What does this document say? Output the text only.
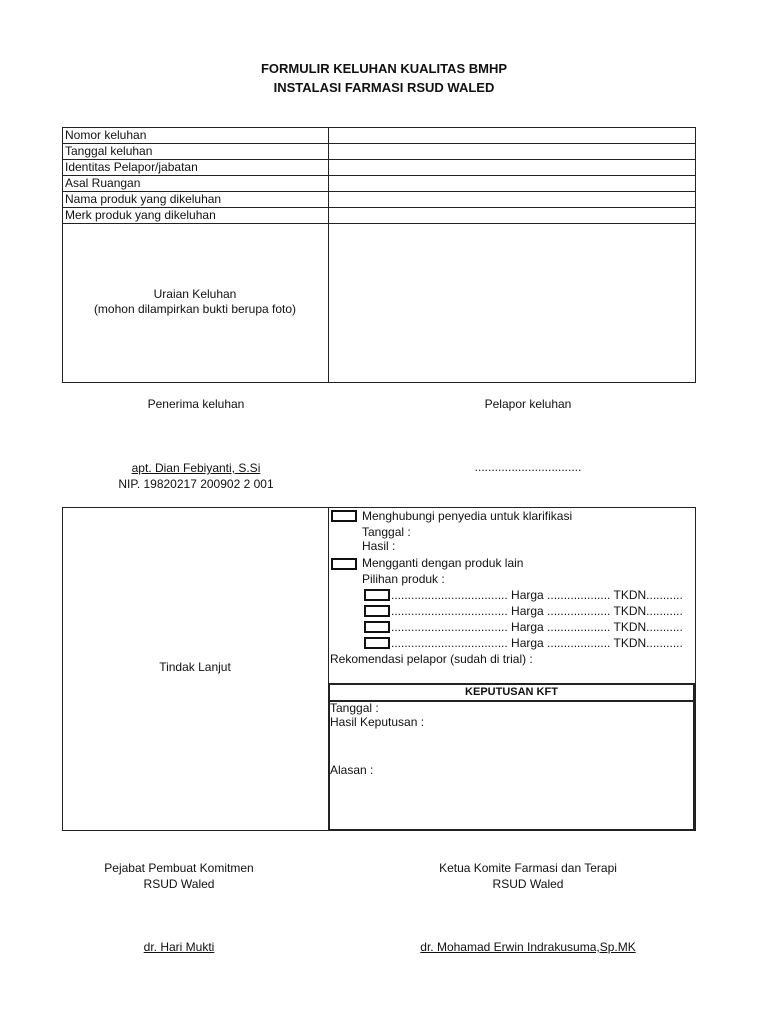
FORMULIR KELUHAN KUALITAS BMHP
INSTALASI FARMASI RSUD WALED
Nomor keluhan
Tanggal keluhan
Identitas Pelapor/jabatan
Asal Ruangan
Nama produk yang dikeluhan
Merk produk yang dikeluhan
Uraian Keluhan
(mohon dilampirkan bukti berupa foto)
Penerima keluhan	Pelapor keluhan
apt. Dian Febiyanti, S.Si
NIP. 19820217 200902 2 001
................................
Tindak Lanjut
Menghubungi penyedia untuk klarifikasi
Tanggal :
Hasil :
Mengganti dengan produk lain
Pilihan produk :
................................... Harga ................... TKDN...........
................................... Harga ................... TKDN...........
................................... Harga ................... TKDN...........
................................... Harga ................... TKDN...........
Rekomendasi pelapor (sudah di trial) :
KEPUTUSAN KFT
Tanggal :
Hasil Keputusan :
Alasan :
Pejabat Pembuat Komitmen
RSUD Waled
dr. Hari Mukti
Ketua Komite Farmasi dan Terapi
RSUD Waled
dr. Mohamad Erwin Indrakusuma,Sp.MK
